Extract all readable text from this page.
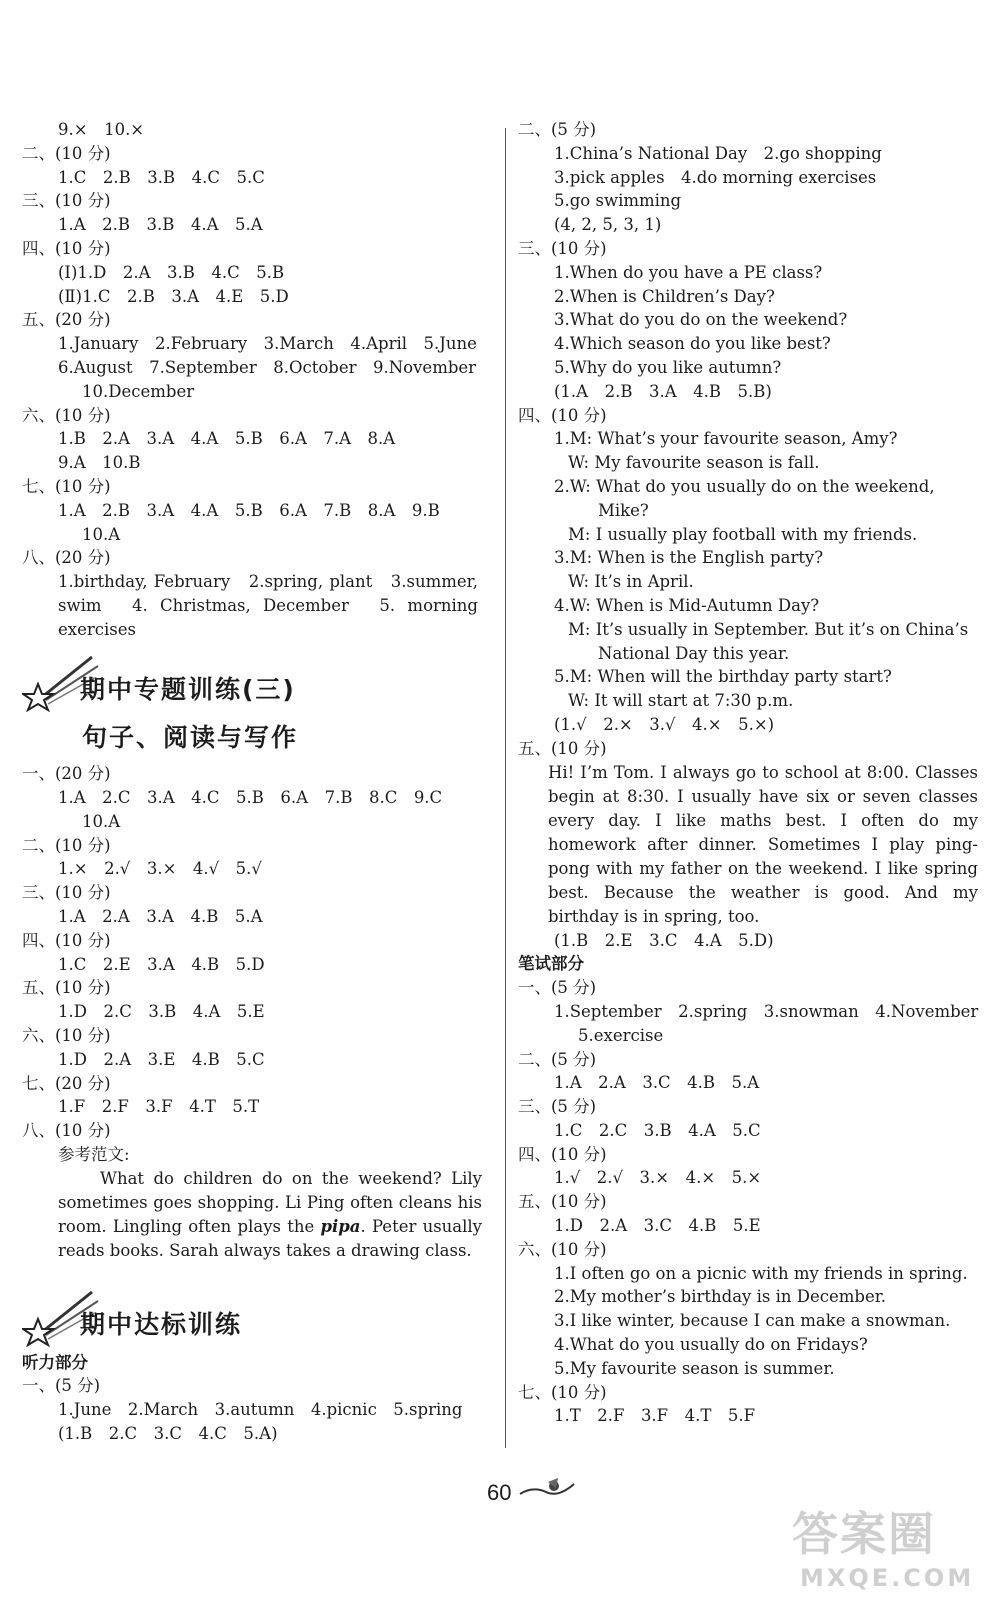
9.×　10.×
二、(10 分)
1.C　2.B　3.B　4.C　5.C
三、(10 分)
1.A　2.B　3.B　4.A　5.A
四、(10 分)
(Ⅰ)1.D　2.A　3.B　4.C　5.B
(Ⅱ)1.C　2.B　3.A　4.E　5.D
五、(20 分)
1.January　2.February　3.March　4.April　5.June
6.August　7.September　8.October　9.November
10.December
六、(10 分)
1.B　2.A　3.A　4.A　5.B　6.A　7.A　8.A
9.A　10.B
七、(10 分)
1.A　2.B　3.A　4.A　5.B　6.A　7.B　8.A　9.B
10.A
八、(20 分)
1.birthday, February　2.spring, plant　3.summer, swim　4. Christmas, December　5. morning exercises
期中专题训练(三)
句子、阅读与写作
一、(20 分)
1.A　2.C　3.A　4.C　5.B　6.A　7.B　8.C　9.C
10.A
二、(10 分)
1.×　2.√　3.×　4.√　5.√
三、(10 分)
1.A　2.A　3.A　4.B　5.A
四、(10 分)
1.C　2.E　3.A　4.B　5.D
五、(10 分)
1.D　2.C　3.B　4.A　5.E
六、(10 分)
1.D　2.A　3.E　4.B　5.C
七、(20 分)
1.F　2.F　3.F　4.T　5.T
八、(10 分)
参考范文:
What do children do on the weekend? Lily sometimes goes shopping. Li Ping often cleans his room. Lingling often plays the pipa. Peter usually reads books. Sarah always takes a drawing class.
期中达标训练
听力部分
一、(5 分)
1.June　2.March　3.autumn　4.picnic　5.spring
(1.B　2.C　3.C　4.C　5.A)
二、(5 分)
1.China’s National Day　2.go shopping
3.pick apples　4.do morning exercises
5.go swimming
(4, 2, 5, 3, 1)
三、(10 分)
1.When do you have a PE class?
2.When is Children’s Day?
3.What do you do on the weekend?
4.Which season do you like best?
5.Why do you like autumn?
(1.A　2.B　3.A　4.B　5.B)
四、(10 分)
1.M: What’s your favourite season, Amy?
W: My favourite season is fall.
2.W: What do you usually do on the weekend,
Mike?
M: I usually play football with my friends.
3.M: When is the English party?
W: It’s in April.
4.W: When is Mid-Autumn Day?
M: It’s usually in September. But it’s on China’s
National Day this year.
5.M: When will the birthday party start?
W: It will start at 7:30 p.m.
(1.√　2.×　3.√　4.×　5.×)
五、(10 分)
Hi! I’m Tom. I always go to school at 8:00. Classes begin at 8:30. I usually have six or seven classes every day. I like maths best. I often do my homework after dinner. Sometimes I play ping-pong with my father on the weekend. I like spring best. Because the weather is good. And my birthday is in spring, too.
(1.B　2.E　3.C　4.A　5.D)
笔试部分
一、(5 分)
1.September　2.spring　3.snowman　4.November
5.exercise
二、(5 分)
1.A　2.A　3.C　4.B　5.A
三、(5 分)
1.C　2.C　3.B　4.A　5.C
四、(10 分)
1.√　2.√　3.×　4.×　5.×
五、(10 分)
1.D　2.A　3.C　4.B　5.E
六、(10 分)
1.I often go on a picnic with my friends in spring.
2.My mother’s birthday is in December.
3.I like winter, because I can make a snowman.
4.What do you usually do on Fridays?
5.My favourite season is summer.
七、(10 分)
1.T　2.F　3.F　4.T　5.F
60
答案圈
MXQE.COM
